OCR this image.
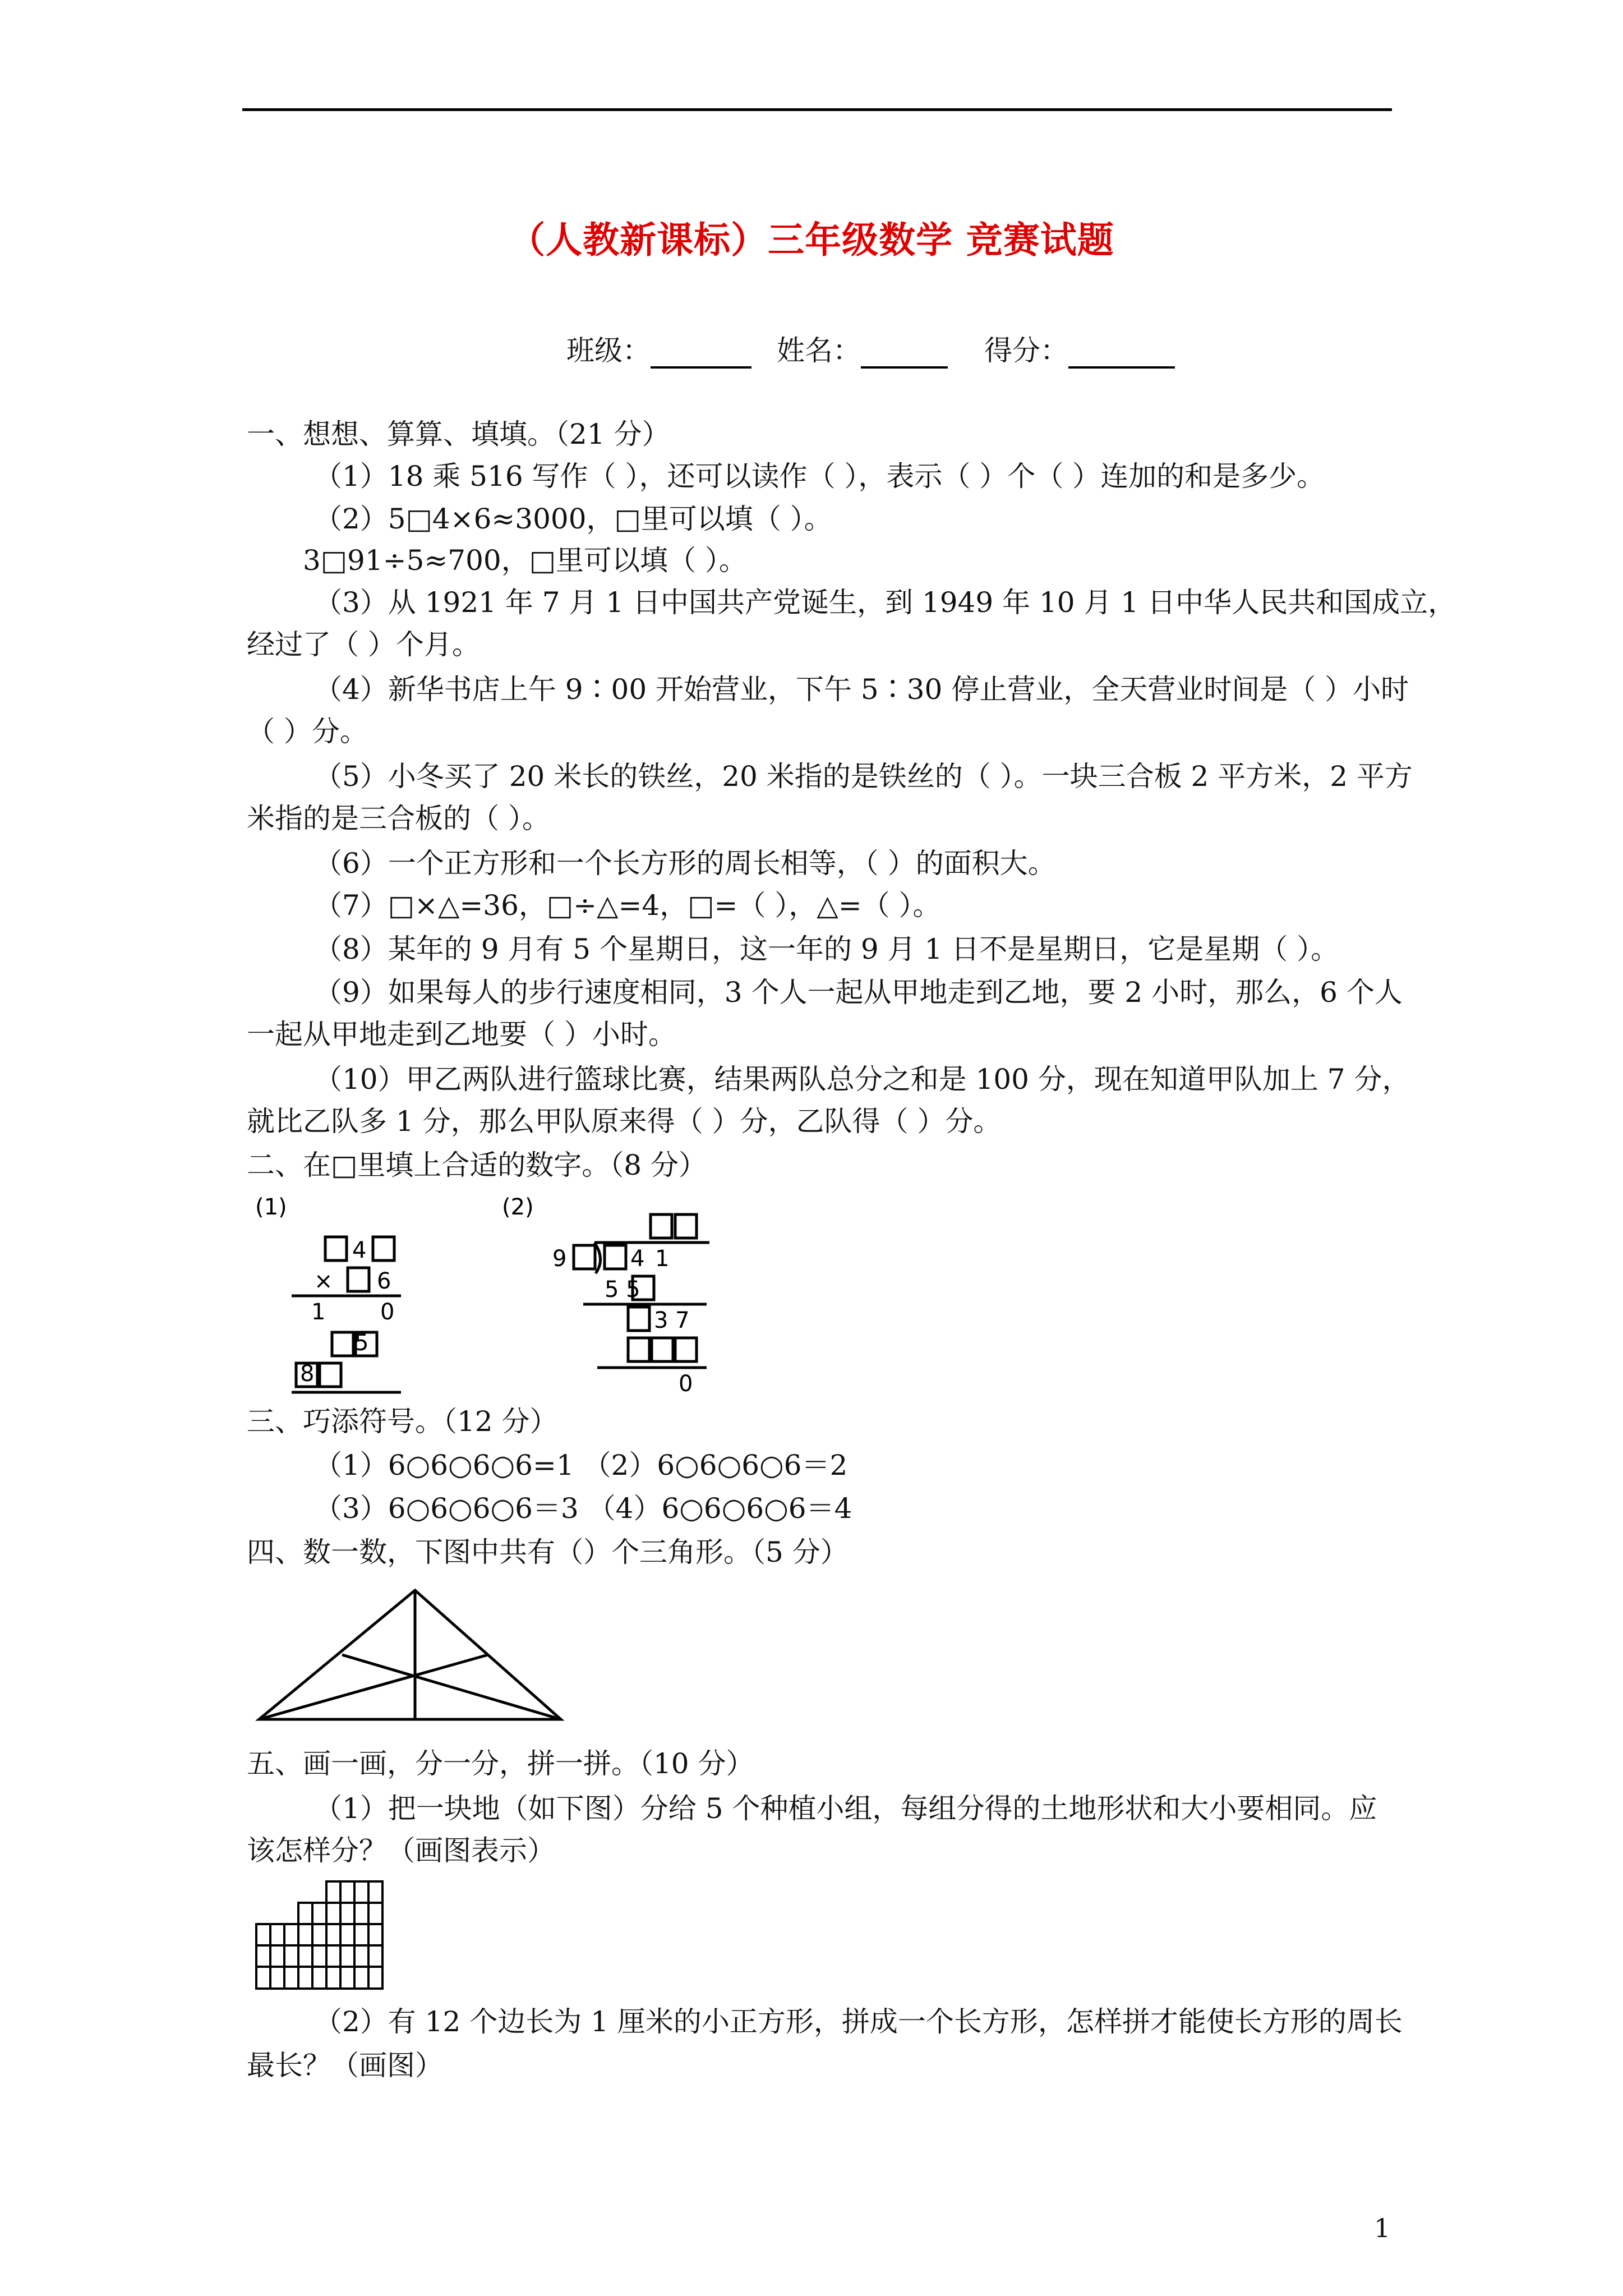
（人教新课标）三年级数学 竞赛试题
班级：	姓名：	得分：
一、想想、算算、填填。（21 分）
（1）18 乘 516 写作（ ），还可以读作（ ），表示（ ）个（ ）连加的和是多少。
（2）5□4×6≈3000，□里可以填（ ）。
3□91÷5≈700，□里可以填（ ）。
（3）从 1921 年 7 月 1 日中国共产党诞生，到 1949 年 10 月 1 日中华人民共和国成立，
经过了（ ）个月。
（4）新华书店上午 9∶00 开始营业，下午 5∶30 停止营业，全天营业时间是（ ）小时
（ ）分。
（5）小冬买了 20 米长的铁丝，20 米指的是铁丝的（ ）。一块三合板 2 平方米，2 平方
米指的是三合板的（ ）。
（6）一个正方形和一个长方形的周长相等，（ ）的面积大。
（7）□×△=36，□÷△=4，□=（ ），△=（ ）。
（8）某年的 9 月有 5 个星期日，这一年的 9 月 1 日不是星期日，它是星期（ ）。
（9）如果每人的步行速度相同，3 个人一起从甲地走到乙地，要 2 小时，那么，6 个人
一起从甲地走到乙地要（ ）小时。
（10）甲乙两队进行篮球比赛，结果两队总分之和是 100 分，现在知道甲队加上 7 分，
就比乙队多 1 分，那么甲队原来得（ ）分，乙队得（ ）分。
二、在□里填上合适的数字。（8 分）
(1)
4
× 6
1 0
5
8
(2)
9	4 1
5 5
3 7
0
三、巧添符号。（12 分）
（1）6○6○6○6=1 （2）6○6○6○6＝2
（3）6○6○6○6＝3 （4）6○6○6○6＝4
四、数一数，下图中共有（）个三角形。（5 分）
五、画一画，分一分，拼一拼。（10 分）
（1）把一块地（如下图）分给 5 个种植小组，每组分得的土地形状和大小要相同。应
该怎样分？（画图表示）
（2）有 12 个边长为 1 厘米的小正方形，拼成一个长方形，怎样拼才能使长方形的周长
最长？（画图）
1
